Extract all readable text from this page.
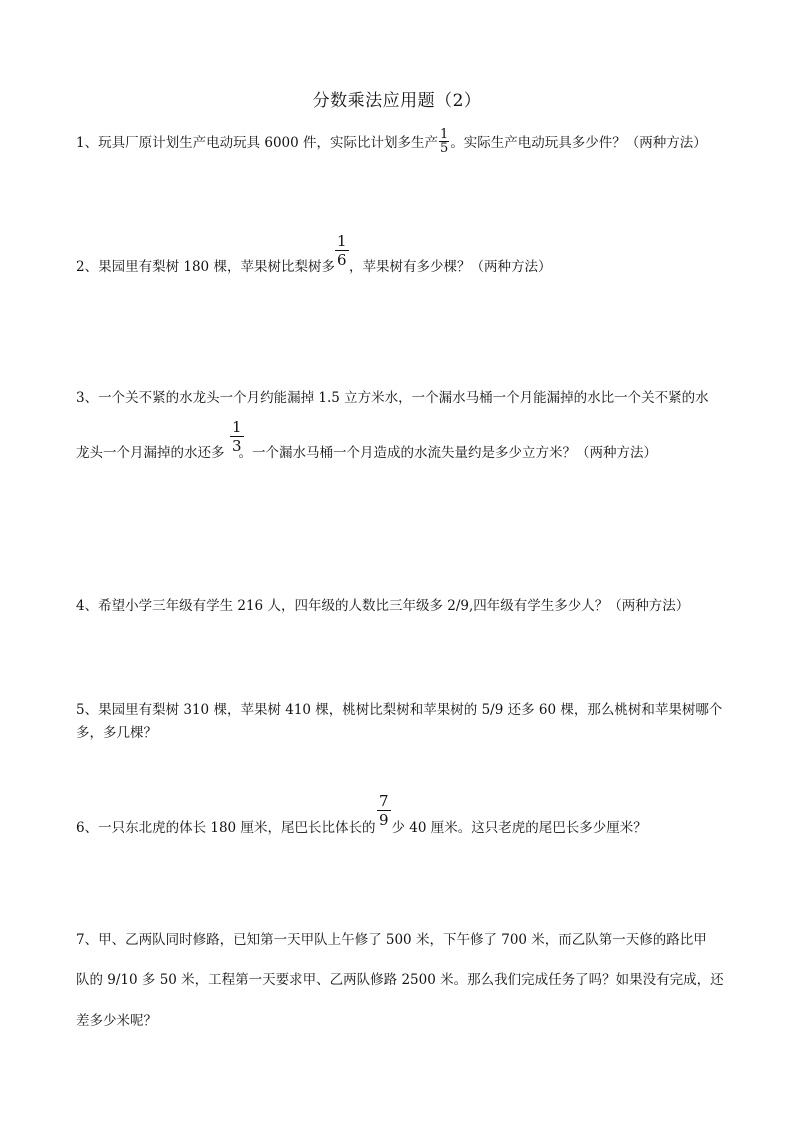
分数乘法应用题（2）
1、玩具厂原计划生产电动玩具 6000 件，实际比计划多生产 $\frac{1}{5}$ 。实际生产电动玩具多少件？（两种方法）
2、果园里有梨树 180 棵，苹果树比梨树多 ，苹果树有多少棵？（两种方法）
$\frac{1}{6}$
3、一个关不紧的水龙头一个月约能漏掉 1.5 立方米水，一个漏水马桶一个月能漏掉的水比一个关不紧的水
龙头一个月漏掉的水还多 。一个漏水马桶一个月造成的水流失量约是多少立方米？（两种方法）
$\frac{1}{3}$
4、希望小学三年级有学生 216 人，四年级的人数比三年级多 2/9,四年级有学生多少人？（两种方法）
5、果园里有梨树 310 棵，苹果树 410 棵，桃树比梨树和苹果树的 5/9 还多 60 棵，那么桃树和苹果树哪个
多，多几棵？
6、一只东北虎的体长 180 厘米，尾巴长比体长的 少 40 厘米。这只老虎的尾巴长多少厘米？
$\frac{7}{9}$
7、甲、乙两队同时修路，已知第一天甲队上午修了 500 米，下午修了 700 米，而乙队第一天修的路比甲
队的 9/10 多 50 米，工程第一天要求甲、乙两队修路 2500 米。那么我们完成任务了吗？如果没有完成，还
差多少米呢？
